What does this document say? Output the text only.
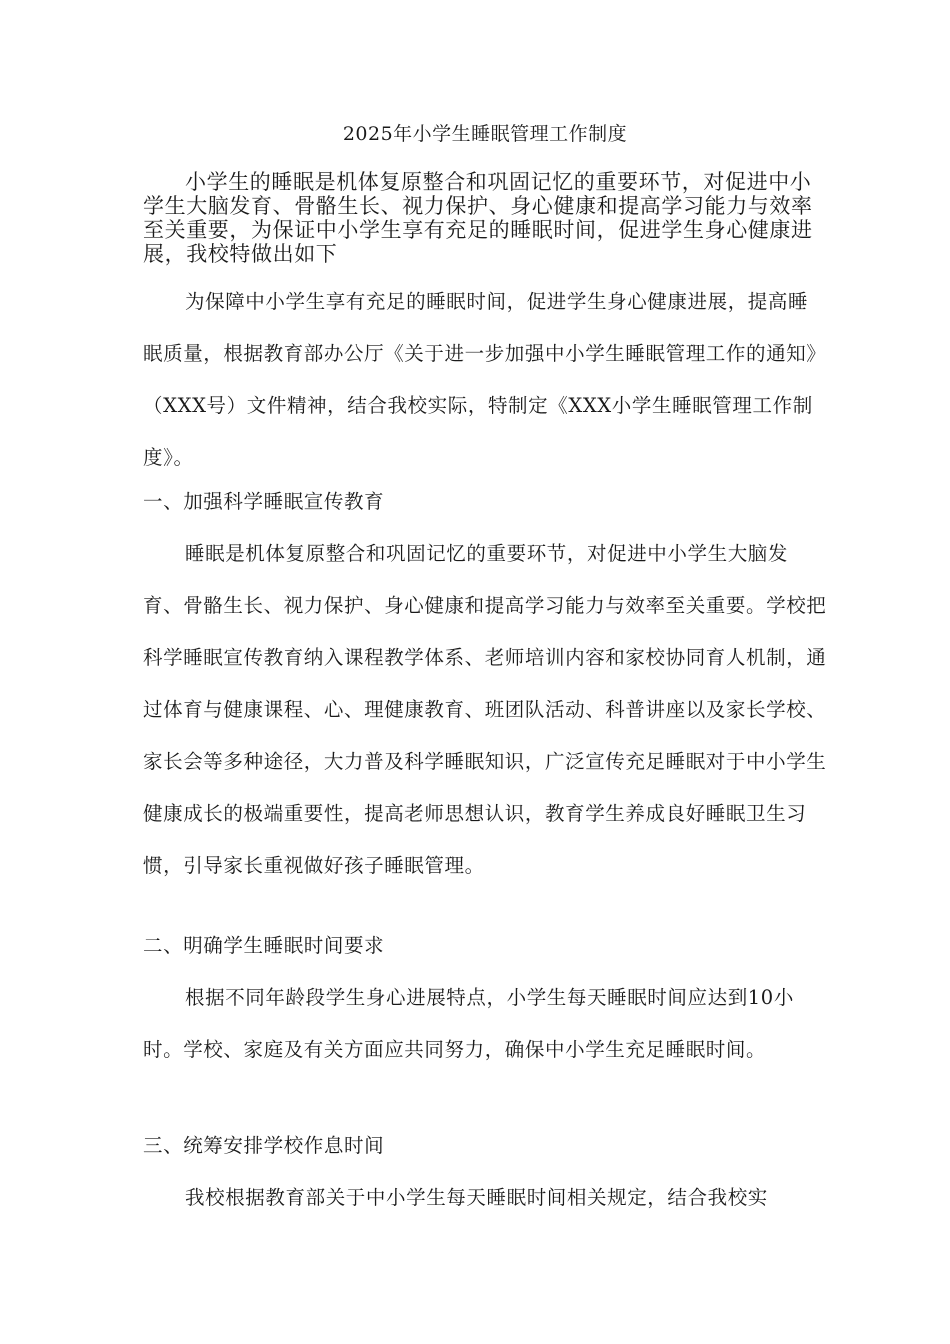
2025年小学生睡眠管理工作制度

小学生的睡眠是机体复原整合和巩固记忆的重要环节，对促进中小学生大脑发育、骨骼生长、视力保护、身心健康和提高学习能力与效率至关重要，为保证中小学生享有充足的睡眠时间，促进学生身心健康进展，我校特做出如下

为保障中小学生享有充足的睡眠时间，促进学生身心健康进展，提高睡眠质量，根据教育部办公厅《关于进一步加强中小学生睡眠管理工作的通知》（XXX号）文件精神，结合我校实际，特制定《XXX小学生睡眠管理工作制度》。

一、加强科学睡眠宣传教育

睡眠是机体复原整合和巩固记忆的重要环节，对促进中小学生大脑发育、骨骼生长、视力保护、身心健康和提高学习能力与效率至关重要。学校把科学睡眠宣传教育纳入课程教学体系、老师培训内容和家校协同育人机制，通过体育与健康课程、心、理健康教育、班团队活动、科普讲座以及家长学校、家长会等多种途径，大力普及科学睡眠知识，广泛宣传充足睡眠对于中小学生健康成长的极端重要性，提高老师思想认识，教育学生养成良好睡眠卫生习惯，引导家长重视做好孩子睡眠管理。

二、明确学生睡眠时间要求

根据不同年龄段学生身心进展特点，小学生每天睡眠时间应达到10小时。学校、家庭及有关方面应共同努力，确保中小学生充足睡眠时间。

三、统筹安排学校作息时间

我校根据教育部关于中小学生每天睡眠时间相关规定，结合我校实
